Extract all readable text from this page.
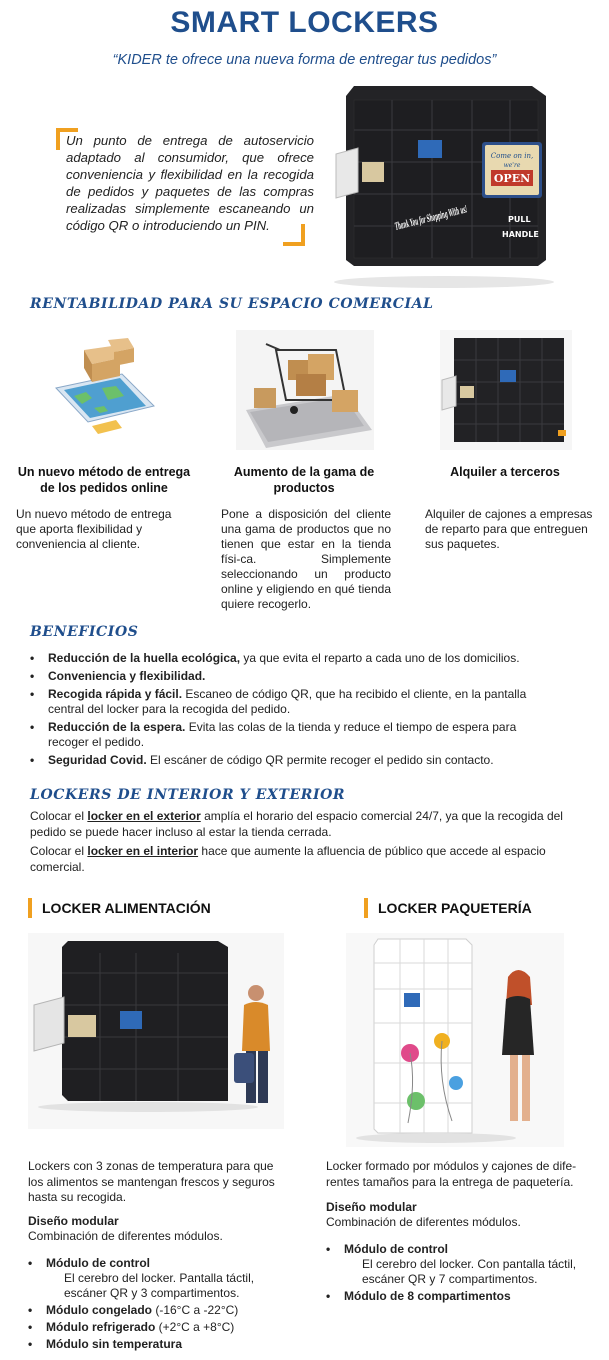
SMART LOCKERS
“KIDER te ofrece una nueva forma de entregar tus pedidos”
Un punto de entrega de autoservicio adaptado al consumidor, que ofrece conveniencia y flexibilidad en la recogida de pedidos y paquetes de las compras realizadas simplemente escaneando un código QR o introduciendo un PIN.
Come on in,
we're
OPEN
PULL
HANDLE
RENTABILIDAD PARA SU ESPACIO COMERCIAL
Un nuevo método de entrega de los pedidos online
Aumento de la gama de productos
Alquiler a terceros
Un nuevo método de entrega que aporta flexibilidad y conveniencia al cliente.
Pone a disposición del cliente una gama de productos que no tienen que estar en la tienda físi-ca. Simplemente seleccionando un producto online y eligiendo en qué tienda quiere recogerlo.
Alquiler de cajones a empresas de reparto para que entreguen sus paquetes.
BENEFICIOS
• Reducción de la huella ecológica, ya que evita el reparto a cada uno de los domicilios.
• Conveniencia y flexibilidad.
• Recogida rápida y fácil. Escaneo de código QR, que ha recibido el cliente, en la pantalla central del locker para la recogida del pedido.
• Reducción de la espera. Evita las colas de la tienda y reduce el tiempo de espera para recoger el pedido.
• Seguridad Covid. El escáner de código QR permite recoger el pedido sin contacto.
LOCKERS DE INTERIOR Y EXTERIOR
Colocar el locker en el exterior amplía el horario del espacio comercial 24/7, ya que la recogida del pedido se puede hacer incluso al estar la tienda cerrada.
Colocar el locker en el interior hace que aumente la afluencia de público que accede al espacio comercial.
LOCKER ALIMENTACIÓN	LOCKER PAQUETERÍA
Lockers con 3 zonas de temperatura para que los alimentos se mantengan frescos y seguros hasta su recogida.
Diseño modular
Combinación de diferentes módulos.
• Módulo de control
El cerebro del locker. Pantalla táctil, escáner QR y 3 compartimentos.
• Módulo congelado (-16°C a -22°C)
• Módulo refrigerado (+2°C a +8°C)
• Módulo sin temperatura
Locker formado por módulos y cajones de dife-rentes tamaños para la entrega de paquetería.
Diseño modular
Combinación de diferentes módulos.
• Módulo de control
El cerebro del locker. Con pantalla táctil, escáner QR y 7 compartimentos.
• Módulo de 8 compartimentos
